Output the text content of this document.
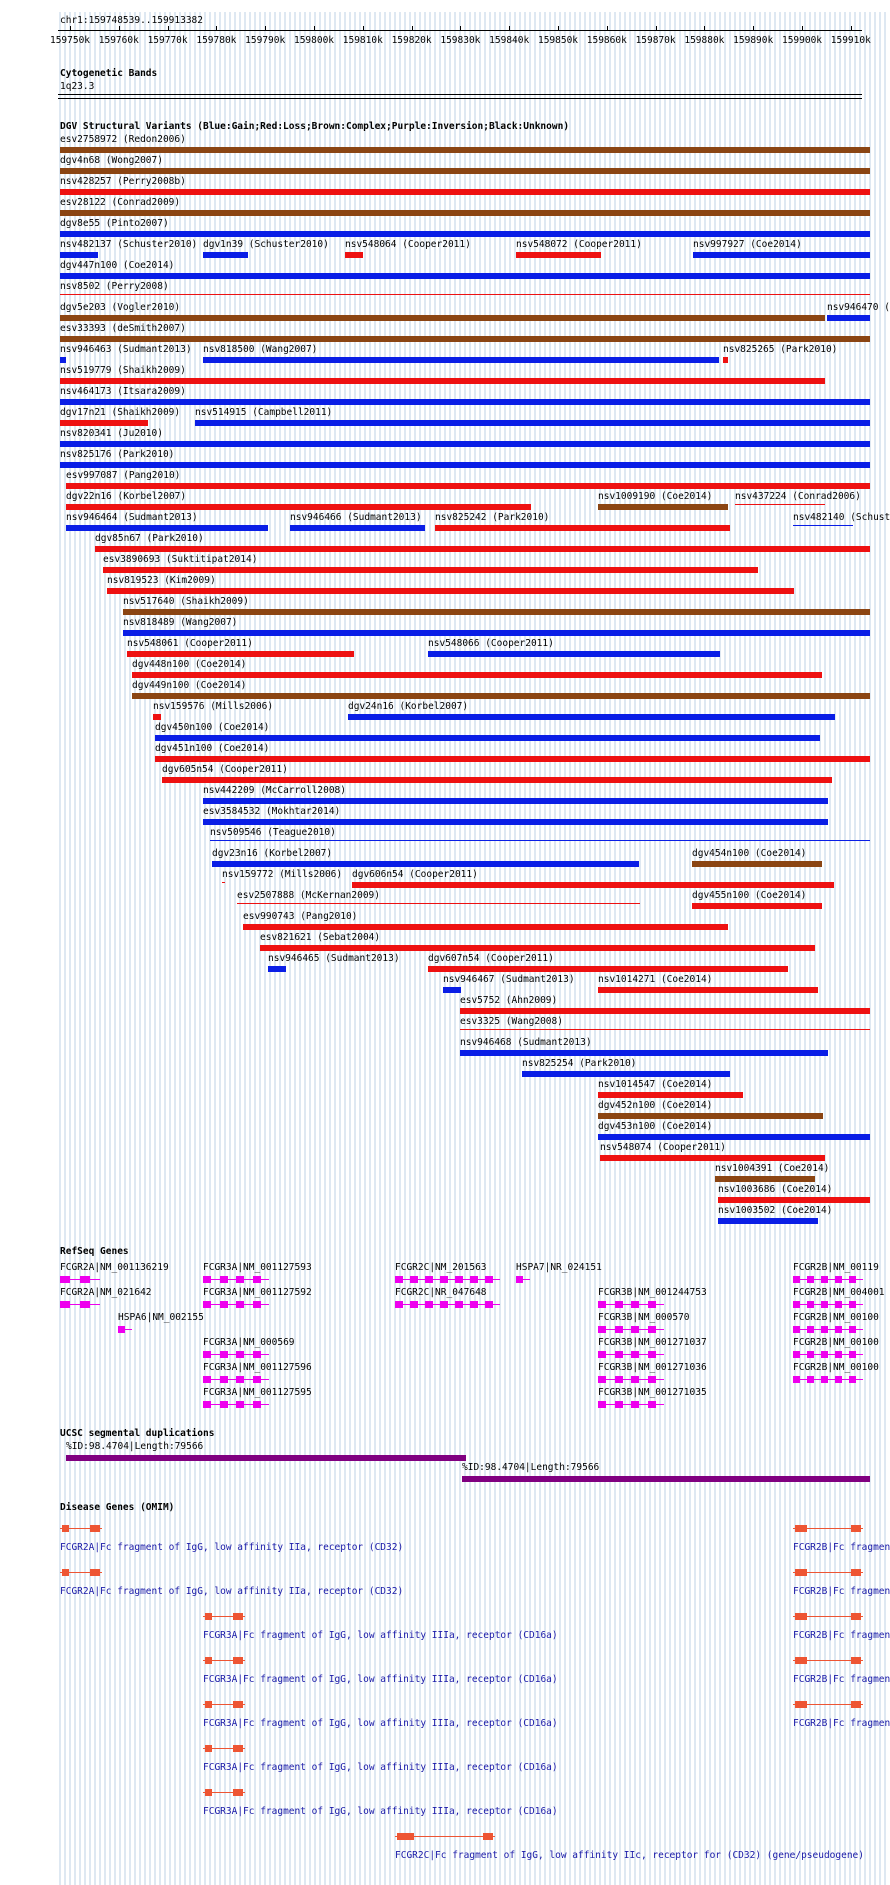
chr1:159748539..159913382
Cytogenetic Bands
1q23.3
DGV Structural Variants (Blue:Gain;Red:Loss;Brown:Complex;Purple:Inversion;Black:Unknown)
RefSeq Genes
UCSC segmental duplications
Disease Genes (OMIM)
159750k 159760k 159770k 159780k 159790k 159800k 159810k 159820k 159830k 159840k 159850k 159860k 159870k 159880k 159890k 159900k 159910k
esv2758972 (Redon2006)
dgv4n68 (Wong2007)
nsv428257 (Perry2008b)
esv28122 (Conrad2009)
dgv8e55 (Pinto2007)
nsv482137 (Schuster2010) dgv1n39 (Schuster2010) nsv548064 (Cooper2011)	nsv548072 (Cooper2011)	nsv997927 (Coe2014)
dgv447n100 (Coe2014)
nsv8502 (Perry2008)
dgv5e203 (Vogler2010)	nsv946470 (
esv33393 (deSmith2007)
nsv946463 (Sudmant2013) nsv818500 (Wang2007)	nsv825265 (Park2010)
nsv519779 (Shaikh2009)
nsv464173 (Itsara2009)
dgv17n21 (Shaikh2009) nsv514915 (Campbell2011)
nsv820341 (Ju2010)
nsv825176 (Park2010)
esv997087 (Pang2010)
dgv22n16 (Korbel2007)	nsv1009190 (Coe2014) nsv437224 (Conrad2006)
nsv946464 (Sudmant2013)	nsv946466 (Sudmant2013) nsv825242 (Park2010)	nsv482140 (Schust
dgv85n67 (Park2010)
esv3890693 (Suktitipat2014)
nsv819523 (Kim2009)
nsv517640 (Shaikh2009)
nsv818489 (Wang2007)
nsv548061 (Cooper2011)	nsv548066 (Cooper2011)
dgv448n100 (Coe2014)
dgv449n100 (Coe2014)
nsv159576 (Mills2006)	dgv24n16 (Korbel2007)
dgv450n100 (Coe2014)
dgv451n100 (Coe2014)
dgv605n54 (Cooper2011)
nsv442209 (McCarroll2008)
esv3584532 (Mokhtar2014)
nsv509546 (Teague2010)
dgv23n16 (Korbel2007)	dgv454n100 (Coe2014)
nsv159772 (Mills2006) dgv606n54 (Cooper2011)
esv2507888 (McKernan2009)	dgv455n100 (Coe2014)
esv990743 (Pang2010)
esv821621 (Sebat2004)
nsv946465 (Sudmant2013)	dgv607n54 (Cooper2011)
nsv946467 (Sudmant2013) nsv1014271 (Coe2014)
esv5752 (Ahn2009)
esv3325 (Wang2008)
nsv946468 (Sudmant2013)
nsv825254 (Park2010)
nsv1014547 (Coe2014)
dgv452n100 (Coe2014)
dgv453n100 (Coe2014)
nsv548074 (Cooper2011)
nsv1004391 (Coe2014)
nsv1003686 (Coe2014)
nsv1003502 (Coe2014)
FCGR2A|NM_001136219
FCGR2A|NM_021642
HSPA6|NM_002155
FCGR3A|NM_001127593
FCGR3A|NM_001127592
FCGR3A|NM_000569
FCGR3A|NM_001127596
FCGR3A|NM_001127595
FCGR2C|NM_201563
FCGR2C|NR_047648
HSPA7|NR_024151
FCGR3B|NM_001244753
FCGR3B|NM_000570
FCGR3B|NM_001271037
FCGR3B|NM_001271036
FCGR3B|NM_001271035
FCGR2B|NM_00119
FCGR2B|NM_004001
FCGR2B|NM_00100
FCGR2B|NM_00100
FCGR2B|NM_00100
%ID:98.4704|Length:79566
%ID:98.4704|Length:79566
FCGR2A|Fc fragment of IgG, low affinity IIa, receptor (CD32)
FCGR2A|Fc fragment of IgG, low affinity IIa, receptor (CD32)
FCGR3A|Fc fragment of IgG, low affinity IIIa, receptor (CD16a)
FCGR3A|Fc fragment of IgG, low affinity IIIa, receptor (CD16a)
FCGR3A|Fc fragment of IgG, low affinity IIIa, receptor (CD16a)
FCGR3A|Fc fragment of IgG, low affinity IIIa, receptor (CD16a)
FCGR3A|Fc fragment of IgG, low affinity IIIa, receptor (CD16a)
FCGR2C|Fc fragment of IgG, low affinity IIc, receptor for (CD32) (gene/pseudogene)
FCGR2B|Fc fragmen
FCGR2B|Fc fragmen
FCGR2B|Fc fragmen
FCGR2B|Fc fragmen
FCGR2B|Fc fragmen
